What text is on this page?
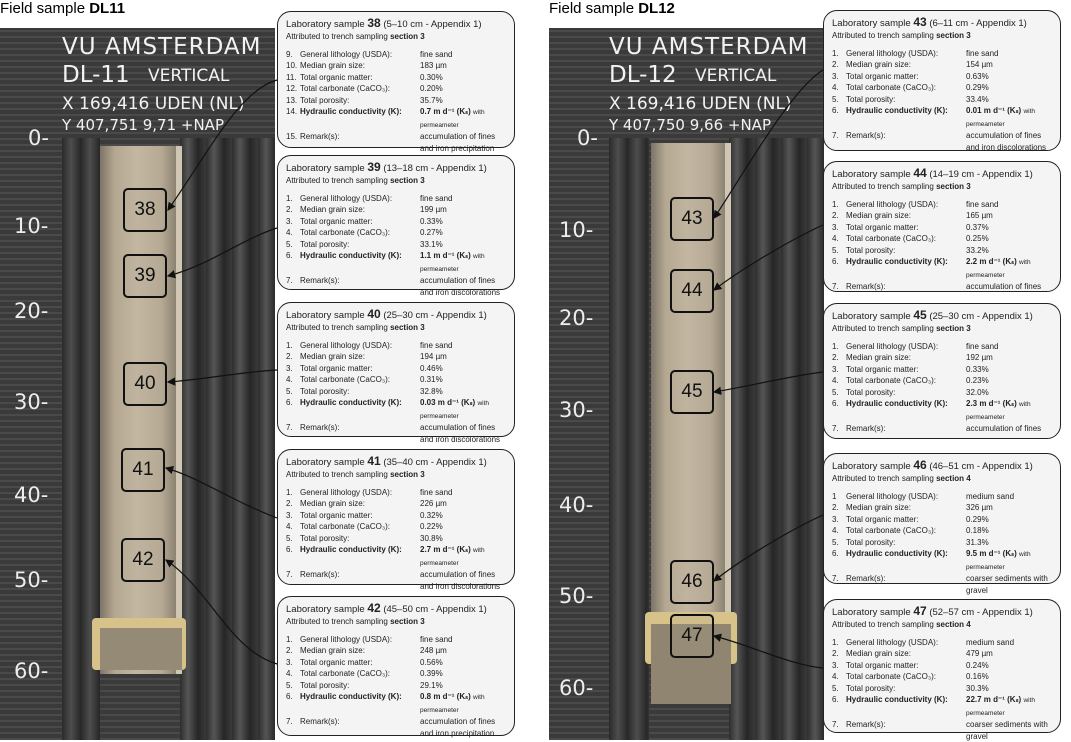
Field sample DL11
VU AMSTERDAM
DL-11 VERTICAL
X 169,416 UDEN (NL)
Y 407,751 9,71 +NAP
0-
10-
20-
30-
40-
50-
60-
38
39
40
41
42
Field sample DL12
VU AMSTERDAM
DL-12 VERTICAL
X 169,416 UDEN (NL)
Y 407,750 9,66 +NAP
0-
10-
20-
30-
40-
50-
60-
43
44
45
46
47
Laboratory sample 38 (5–10 cm - Appendix 1)
Attributed to trench sampling section 3
9. General lithology (USDA):	fine sand
10. Median grain size:	183 µm
11. Total organic matter:	0.30%
12. Total carbonate (CaCO₃):	0.20%
13. Total porosity:	35.7%
14. Hydraulic conductivity (K):	0.7 m d⁻¹ (Kₛ) with permeameter
15. Remark(s):	accumulation of fines and iron precipitation
Laboratory sample 39 (13–18 cm - Appendix 1)
Attributed to trench sampling section 3
1. General lithology (USDA):	fine sand
2. Median grain size:	199 µm
3. Total organic matter:	0.33%
4. Total carbonate (CaCO₃):	0.27%
5. Total porosity:	33.1%
6. Hydraulic conductivity (K):	1.1 m d⁻¹ (Kₛ) with permeameter
7. Remark(s):	accumulation of fines and iron discolorations
Laboratory sample 40 (25–30 cm - Appendix 1)
Attributed to trench sampling section 3
1. General lithology (USDA):	fine sand
2. Median grain size:	194 µm
3. Total organic matter:	0.46%
4. Total carbonate (CaCO₃):	0.31%
5. Total porosity:	32.8%
6. Hydraulic conductivity (K):	0.03 m d⁻¹ (Kₛ) with permeameter
7. Remark(s):	accumulation of fines and iron discolorations
Laboratory sample 41 (35–40 cm - Appendix 1)
Attributed to trench sampling section 3
1. General lithology (USDA):	fine sand
2. Median grain size:	226 µm
3. Total organic matter:	0.32%
4. Total carbonate (CaCO₃):	0.22%
5. Total porosity:	30.8%
6. Hydraulic conductivity (K):	2.7 m d⁻¹ (Kₛ) with permeameter
7. Remark(s):	accumulation of fines and iron discolorations
Laboratory sample 42 (45–50 cm - Appendix 1)
Attributed to trench sampling section 3
1. General lithology (USDA):	fine sand
2. Median grain size:	248 µm
3. Total organic matter:	0.56%
4. Total carbonate (CaCO₃):	0.39%
5. Total porosity:	29.1%
6. Hydraulic conductivity (K):	0.8 m d⁻¹ (Kₛ) with permeameter
7. Remark(s):	accumulation of fines and iron precipitation
Laboratory sample 43 (6–11 cm - Appendix 1)
Attributed to trench sampling section 3
1. General lithology (USDA):	fine sand
2. Median grain size:	154 µm
3. Total organic matter:	0.63%
4. Total carbonate (CaCO₃):	0.29%
5. Total porosity:	33.4%
6. Hydraulic conductivity (K):	0.01 m d⁻¹ (Kₛ) with permeameter
7. Remark(s):	accumulation of fines and iron discolorations
Laboratory sample 44 (14–19 cm - Appendix 1)
Attributed to trench sampling section 3
1. General lithology (USDA):	fine sand
2. Median grain size:	165 µm
3. Total organic matter:	0.37%
4. Total carbonate (CaCO₃):	0.25%
5. Total porosity:	33.2%
6. Hydraulic conductivity (K):	2.2 m d⁻¹ (Kₛ) with permeameter
7. Remark(s):	accumulation of fines
Laboratory sample 45 (25–30 cm - Appendix 1)
Attributed to trench sampling section 3
1. General lithology (USDA):	fine sand
2. Median grain size:	192 µm
3. Total organic matter:	0.33%
4. Total carbonate (CaCO₃):	0.23%
5. Total porosity:	32.0%
6. Hydraulic conductivity (K):	2.3 m d⁻¹ (Kₛ) with permeameter
7. Remark(s):	accumulation of fines
Laboratory sample 46 (46–51 cm - Appendix 1)
Attributed to trench sampling section 4
1	General lithology (USDA):	medium sand
2. Median grain size:	326 µm
3. Total organic matter:	0.29%
4. Total carbonate (CaCO₃):	0.18%
5. Total porosity:	31.3%
6. Hydraulic conductivity (K):	9.5 m d⁻¹ (Kₛ) with permeameter
7. Remark(s):	coarser sediments with gravel
Laboratory sample 47 (52–57 cm - Appendix 1)
Attributed to trench sampling section 4
1. General lithology (USDA):	medium sand
2. Median grain size:	479 µm
3. Total organic matter:	0.24%
4. Total carbonate (CaCO₃):	0.16%
5. Total porosity:	30.3%
6. Hydraulic conductivity (K):	22.7 m d⁻¹ (Kₛ) with permeameter
7. Remark(s):	coarser sediments with gravel
